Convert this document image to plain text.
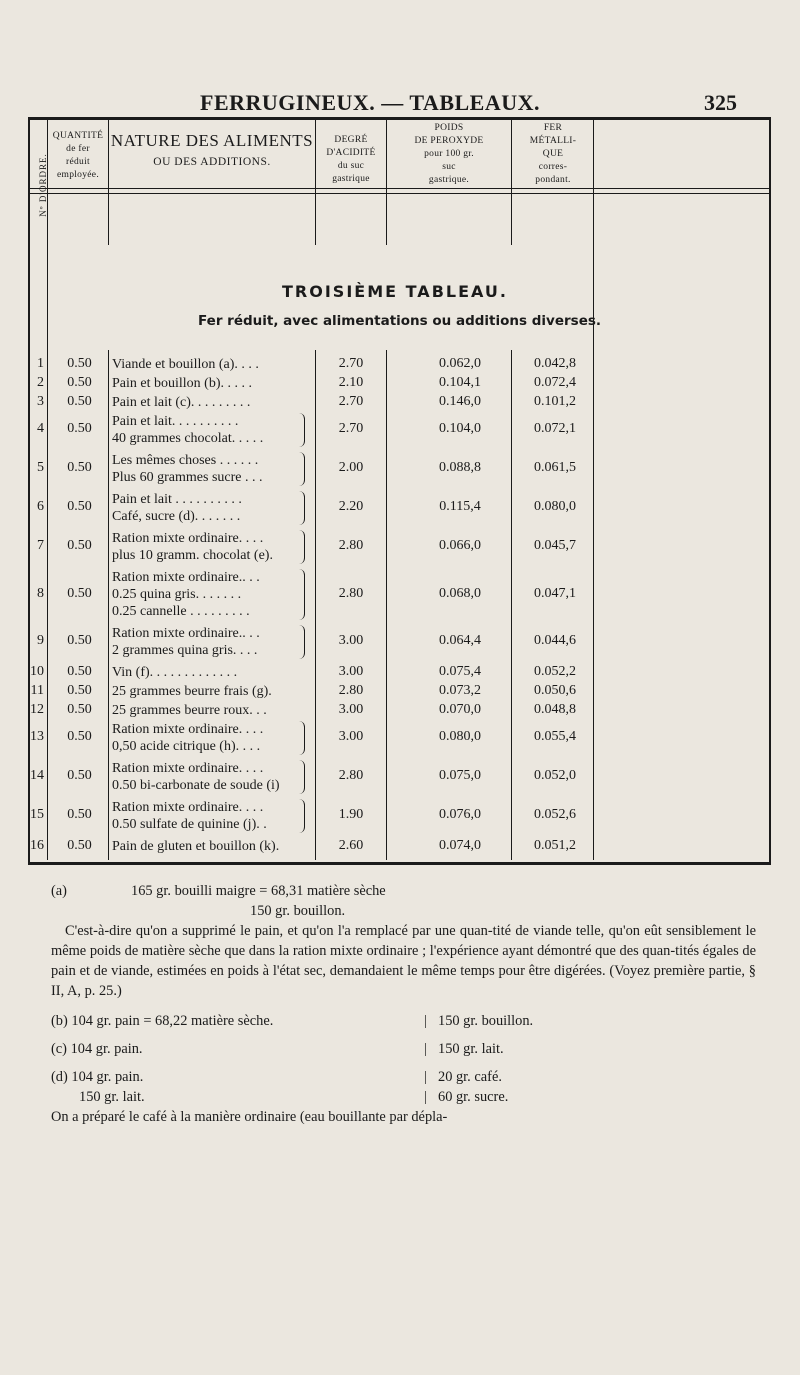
FERRUGINEUX. — TABLEAUX.	325
Nº D'ORDRE.
QUANTITÉ
de fer
réduit
employée.
NATURE DES ALIMENTS
OU DES ADDITIONS.
DEGRÉ
D'ACIDITÉ
du suc
gastrique
POIDS
DE PEROXYDE
pour 100 gr.
suc
gastrique.
FER
MÉTALLI-
QUE
corres-
pondant.
TROISIÈME TABLEAU.
Fer réduit, avec alimentations ou additions diverses.
1	0.50	Viande et bouillon (a). . . .	2.70	0.062,0	0.042,8
2	0.50	Pain et bouillon (b). . . . .	2.10	0.104,1	0.072,4
3	0.50	Pain et lait (c). . . . . . . . .	2.70	0.146,0	0.101,2
4	0.50	Pain et lait. . . . . . . . . .
40 grammes chocolat. . . . .
2.70	0.104,0	0.072,1
5	0.50	Les mêmes choses . . . . . .
Plus 60 grammes sucre . . .
2.00	0.088,8	0.061,5
6	0.50	Pain et lait . . . . . . . . . .
Café, sucre (d). . . . . . .
2.20	0.115,4	0.080,0
7	0.50	Ration mixte ordinaire. . . .
plus 10 gramm. chocolat (e).
2.80	0.066,0	0.045,7
8	0.50
Ration mixte ordinaire.. . .
0.25 quina gris. . . . . . .
0.25 cannelle . . . . . . . . .
2.80	0.068,0	0.047,1
9	0.50	Ration mixte ordinaire.. . .
2 grammes quina gris. . . .
3.00	0.064,4	0.044,6
10	0.50	Vin (f). . . . . . . . . . . . .	3.00	0.075,4	0.052,2
11	0.50	25 grammes beurre frais (g).	2.80	0.073,2	0.050,6
12	0.50	25 grammes beurre roux. . .	3.00	0.070,0	0.048,8
13	0.50	Ration mixte ordinaire. . . .
0,50 acide citrique (h). . . .
3.00	0.080,0	0.055,4
14	0.50	Ration mixte ordinaire. . . .
0.50 bi-carbonate de soude (i)
2.80	0.075,0	0.052,0
15	0.50	Ration mixte ordinaire. . . .
0.50 sulfate de quinine (j). .
1.90	0.076,0	0.052,6
16	0.50	Pain de gluten et bouillon (k).	2.60	0.074,0	0.051,2
(a)	165 gr. bouilli maigre = 68,31 matière sèche

150 gr. bouillon.

C'est-à-dire qu'on a supprimé le pain, et qu'on l'a remplacé par une quan-tité de viande telle, qu'on eût sensiblement le même poids de matière sèche que dans la ration mixte ordinaire ; l'expérience ayant démontré que des quan-tités égales de pain et de viande, estimées en poids à l'état sec, demandaient le même temps pour être digérées. (Voyez première partie, § II, A, p. 25.)

(b) 104 gr. pain = 68,22 matière sèche.	| 150 gr. bouillon.
(c) 104 gr. pain.	| 150 gr. lait.
(d) 104 gr. pain.	| 20 gr. café.
150 gr. lait.	| 60 gr. sucre.

On a préparé le café à la manière ordinaire (eau bouillante par dépla-
